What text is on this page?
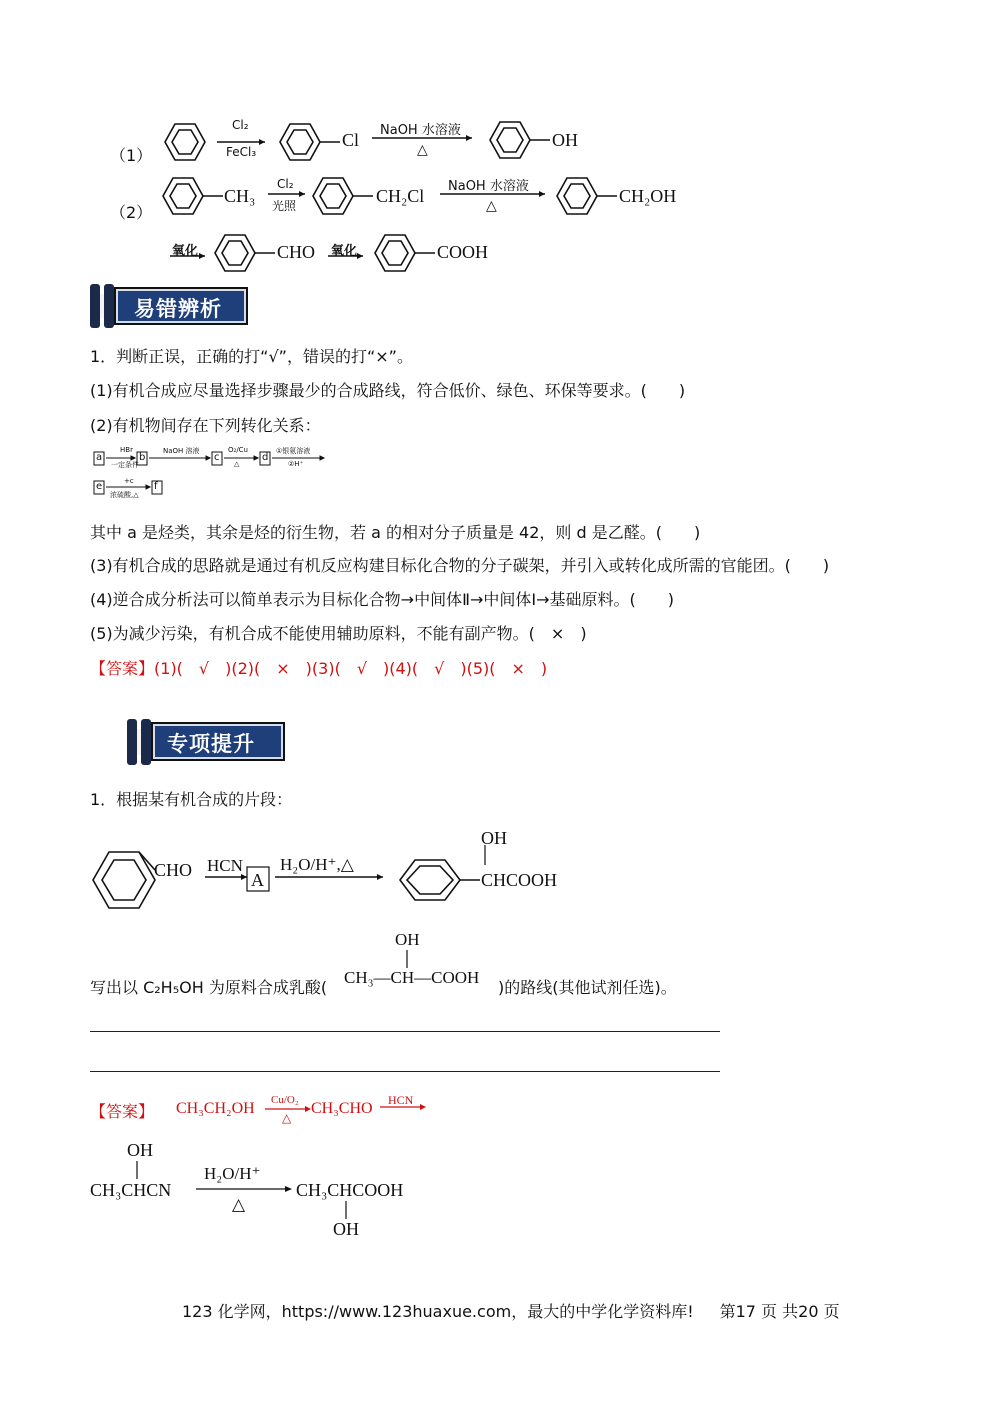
（1）
Cl₂
FeCl₃
Cl NaOH 水溶液
△	OH
（2）
CH₃
Cl₂
光照	CH₂Cl NaOH 水溶液
△	CH₂OH
氧化	CHO 氧化	COOH
易错辨析
1．判断正误，正确的打“√”，错误的打“×”。
(1)有机合成应尽量选择步骤最少的合成路线，符合低价、绿色、环保等要求。(　　)
(2)有机物间存在下列转化关系：
a	b	c	d
e	f
HBr
一定条件
NaOH 溶液	O₂/Cu
△
①银氨溶液
②H⁺
+c
浓硫酸,△
其中 a 是烃类，其余是烃的衍生物，若 a 的相对分子质量是 42，则 d 是乙醛。(　　)
(3)有机合成的思路就是通过有机反应构建目标化合物的分子碳架，并引入或转化成所需的官能团。(　　)
(4)逆合成分析法可以简单表示为目标化合物→中间体Ⅱ→中间体Ⅰ→基础原料。(　　)
(5)为减少污染，有机合成不能使用辅助原料，不能有副产物。(　×　)
【答案】(1)(　√　)(2)(　×　)(3)(　√　)(4)(　√　)(5)(　×　)
专项提升
1．根据某有机合成的片段：
CHO HCN
A
H₂O/H⁺,△
OH
CHCOOH
写出以 C₂H₅OH 为原料合成乳酸(
OH
CH₃—CH—COOH
)的路线(其他试剂任选)。
【答案】 CH₃CH₂OH Cu/O₂
△
CH₃CHO HCN
OH
CH₃CHCN
H₂O/H⁺
△
CH₃CHCOOH
OH
123 化学网，https://www.123huaxue.com，最大的中学化学资料库! 第17 页 共20 页
